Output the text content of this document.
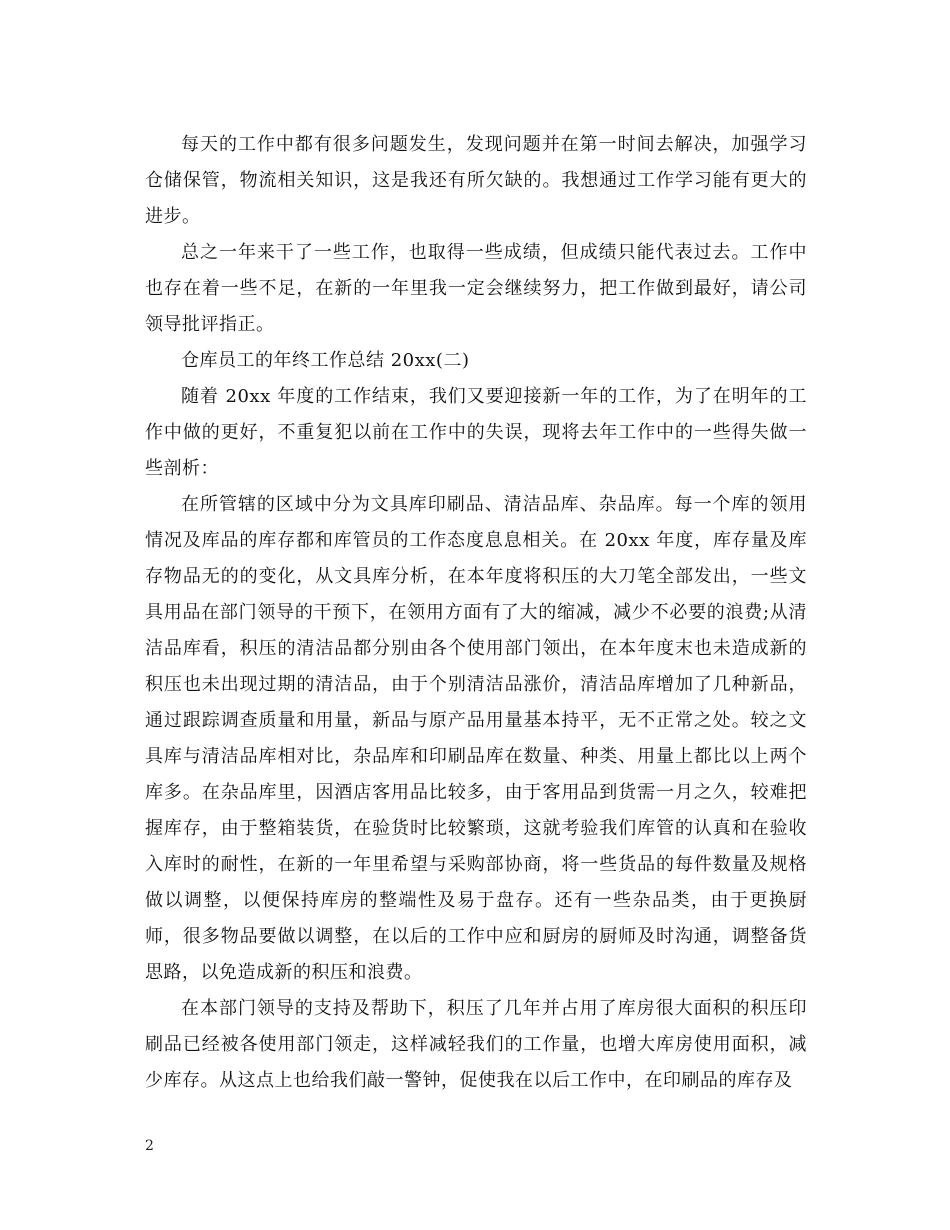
每天的工作中都有很多问题发生，发现问题并在第一时间去解决，加强学习仓储保管，物流相关知识，这是我还有所欠缺的。我想通过工作学习能有更大的进步。

总之一年来干了一些工作，也取得一些成绩，但成绩只能代表过去。工作中也存在着一些不足，在新的一年里我一定会继续努力，把工作做到最好，请公司领导批评指正。

仓库员工的年终工作总结 20xx(二)

随着 20xx 年度的工作结束，我们又要迎接新一年的工作，为了在明年的工作中做的更好，不重复犯以前在工作中的失误，现将去年工作中的一些得失做一些剖析：

在所管辖的区域中分为文具库印刷品、清洁品库、杂品库。每一个库的领用情况及库品的库存都和库管员的工作态度息息相关。在 20xx 年度，库存量及库存物品无的的变化，从文具库分析，在本年度将积压的大刀笔全部发出，一些文具用品在部门领导的干预下，在领用方面有了大的缩减，减少不必要的浪费;从清洁品库看，积压的清洁品都分别由各个使用部门领出，在本年度末也未造成新的积压也未出现过期的清洁品，由于个别清洁品涨价，清洁品库增加了几种新品，通过跟踪调查质量和用量，新品与原产品用量基本持平，无不正常之处。较之文具库与清洁品库相对比，杂品库和印刷品库在数量、种类、用量上都比以上两个库多。在杂品库里，因酒店客用品比较多，由于客用品到货需一月之久，较难把握库存，由于整箱装货，在验货时比较繁琐，这就考验我们库管的认真和在验收入库时的耐性，在新的一年里希望与采购部协商，将一些货品的每件数量及规格做以调整，以便保持库房的整端性及易于盘存。还有一些杂品类，由于更换厨师，很多物品要做以调整，在以后的工作中应和厨房的厨师及时沟通，调整备货思路，以免造成新的积压和浪费。

在本部门领导的支持及帮助下，积压了几年并占用了库房很大面积的积压印刷品已经被各使用部门领走，这样减轻我们的工作量，也增大库房使用面积，减少库存。从这点上也给我们敲一警钟，促使我在以后工作中，在印刷品的库存及

2
